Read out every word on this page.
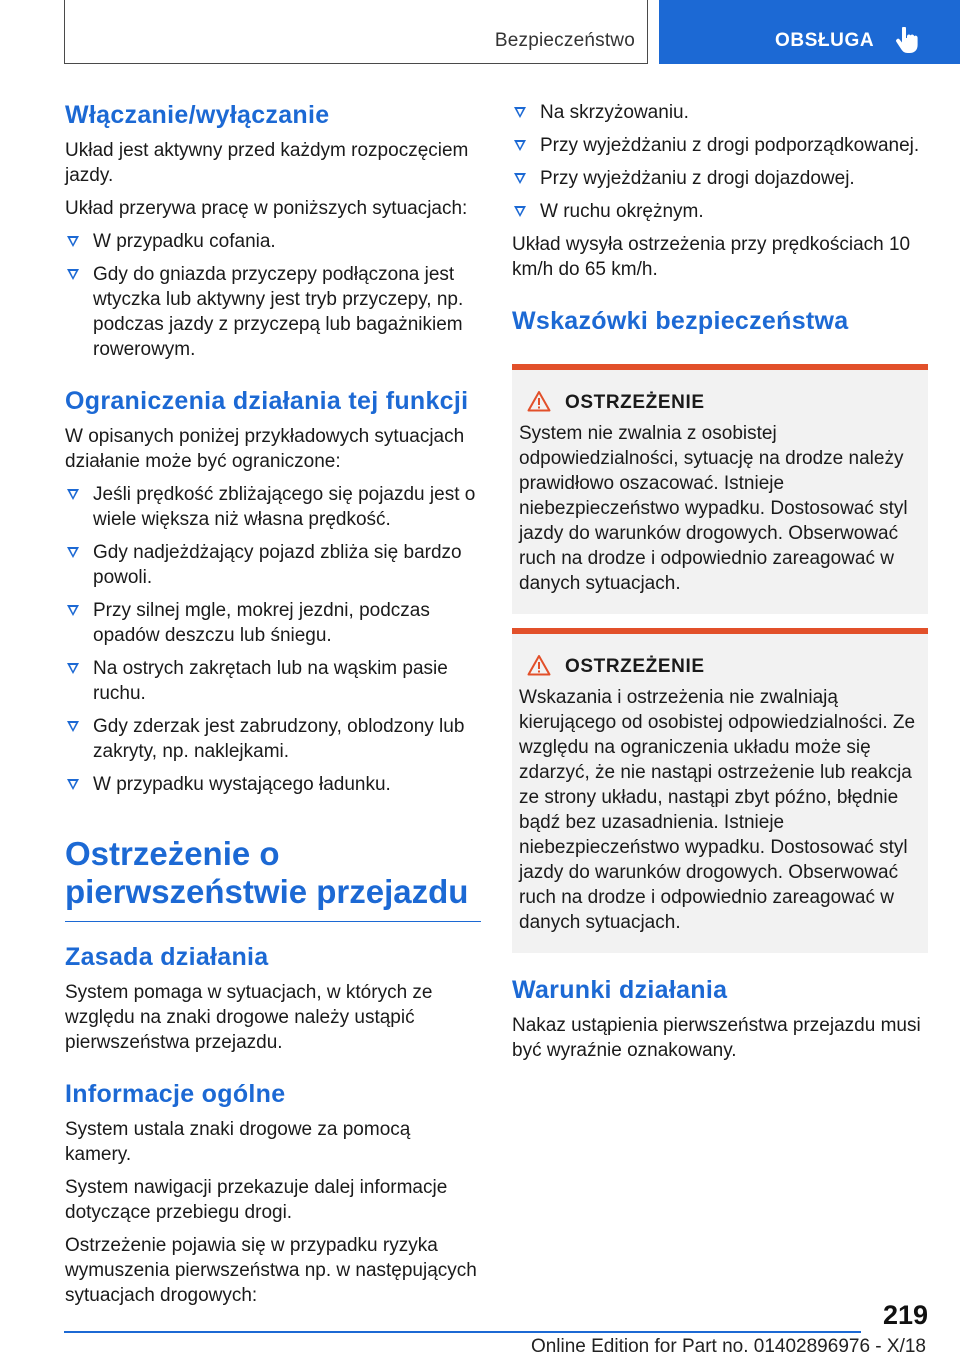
Bezpieczeństwo	OBSŁUGA
Włączanie/wyłączanie

Układ jest aktywny przed każdym rozpoczęciem jazdy.

Układ przerywa pracę w poniższych sytuacjach:

W przypadku cofania.
Gdy do gniazda przyczepy podłączona jest wtyczka lub aktywny jest tryb przyczepy, np. podczas jazdy z przyczepą lub bagażnikiem rowerowym.
Ograniczenia działania tej funkcji

W opisanych poniżej przykładowych sytuacjach działanie może być ograniczone:

Jeśli prędkość zbliżającego się pojazdu jest o wiele większa niż własna prędkość.
Gdy nadjeżdżający pojazd zbliża się bardzo powoli.
Przy silnej mgle, mokrej jezdni, podczas opadów deszczu lub śniegu.
Na ostrych zakrętach lub na wąskim pasie ruchu.
Gdy zderzak jest zabrudzony, oblodzony lub zakryty, np. naklejkami.
W przypadku wystającego ładunku.
Ostrzeżenie o pierwszeństwie przejazdu
Zasada działania

System pomaga w sytuacjach, w których ze względu na znaki drogowe należy ustąpić pierwszeństwa przejazdu.

Informacje ogólne

System ustala znaki drogowe za pomocą kamery.

System nawigacji przekazuje dalej informacje dotyczące przebiegu drogi.

Ostrzeżenie pojawia się w przypadku ryzyka wymuszenia pierwszeństwa np. w następujących sytuacjach drogowych:

Na skrzyżowaniu.
Przy wyjeżdżaniu z drogi podporządkowanej.
Przy wyjeżdżaniu z drogi dojazdowej.
W ruchu okrężnym.

Układ wysyła ostrzeżenia przy prędkościach 10 km/h do 65 km/h.

Wskazówki bezpieczeństwa
OSTRZEŻENIE
System nie zwalnia z osobistej odpowiedzialności, sytuację na drodze należy prawidłowo oszacować. Istnieje niebezpieczeństwo wypadku. Dostosować styl jazdy do warunków drogowych. Obserwować ruch na drodze i odpowiednio zareagować w danych sytuacjach.
OSTRZEŻENIE
Wskazania i ostrzeżenia nie zwalniają kierującego od osobistej odpowiedzialności. Ze względu na ograniczenia układu może się zdarzyć, że nie nastąpi ostrzeżenie lub reakcja ze strony układu, nastąpi zbyt późno, błędnie bądź bez uzasadnienia. Istnieje niebezpieczeństwo wypadku. Dostosować styl jazdy do warunków drogowych. Obserwować ruch na drodze i odpowiednio zareagować w danych sytuacjach.
Warunki działania

Nakaz ustąpienia pierwszeństwa przejazdu musi być wyraźnie oznakowany.

219
Online Edition for Part no. 01402896976 - X/18
